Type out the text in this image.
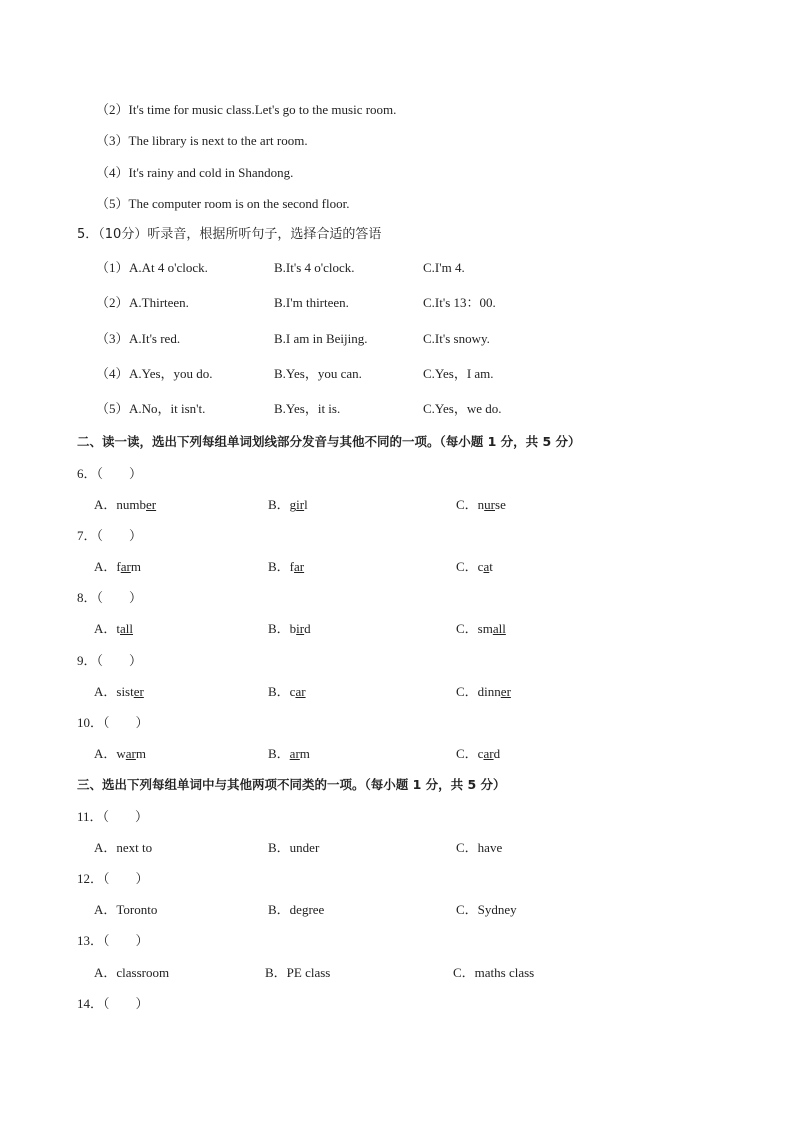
（2）It's time for music class.Let's go to the music room.
（3）The library is next to the art room.
（4）It's rainy and cold in Shandong.
（5）The computer room is on the second floor.
5．（10分）听录音，根据所听句子，选择合适的答语
（1） A.At 4 o'clock.	B.It's 4 o'clock.	C.I'm 4.
（2） A.Thirteen.	B.I'm thirteen.	C.It's 13：00.
（3） A.It's red.	B.I am in Beijing.	C.It's snowy.
（4） A.Yes，you do.	B.Yes，you can.	C.Yes，I am.
（5） A.No，it isn't.	B.Yes，it is.	C.Yes，we do.
二、读一读，选出下列每组单词划线部分发音与其他不同的一项。（每小题 1 分，共 5 分）
6．（　　）
A．number	B．girl	C．nurse
7．（　　）
A．farm	B．far	C．cat
8．（　　）
A．tall	B．bird	C．small
9．（　　）
A．sister	B．car	C．dinner
10．（　　）
A．warm	B．arm	C．card
三、选出下列每组单词中与其他两项不同类的一项。（每小题 1 分，共 5 分）
11．（　　）
A．next to	B．under	C．have
12．（　　）
A．Toronto	B．degree	C．Sydney
13．（　　）
A．classroom	B．PE class	C．maths class
14．（　　）
